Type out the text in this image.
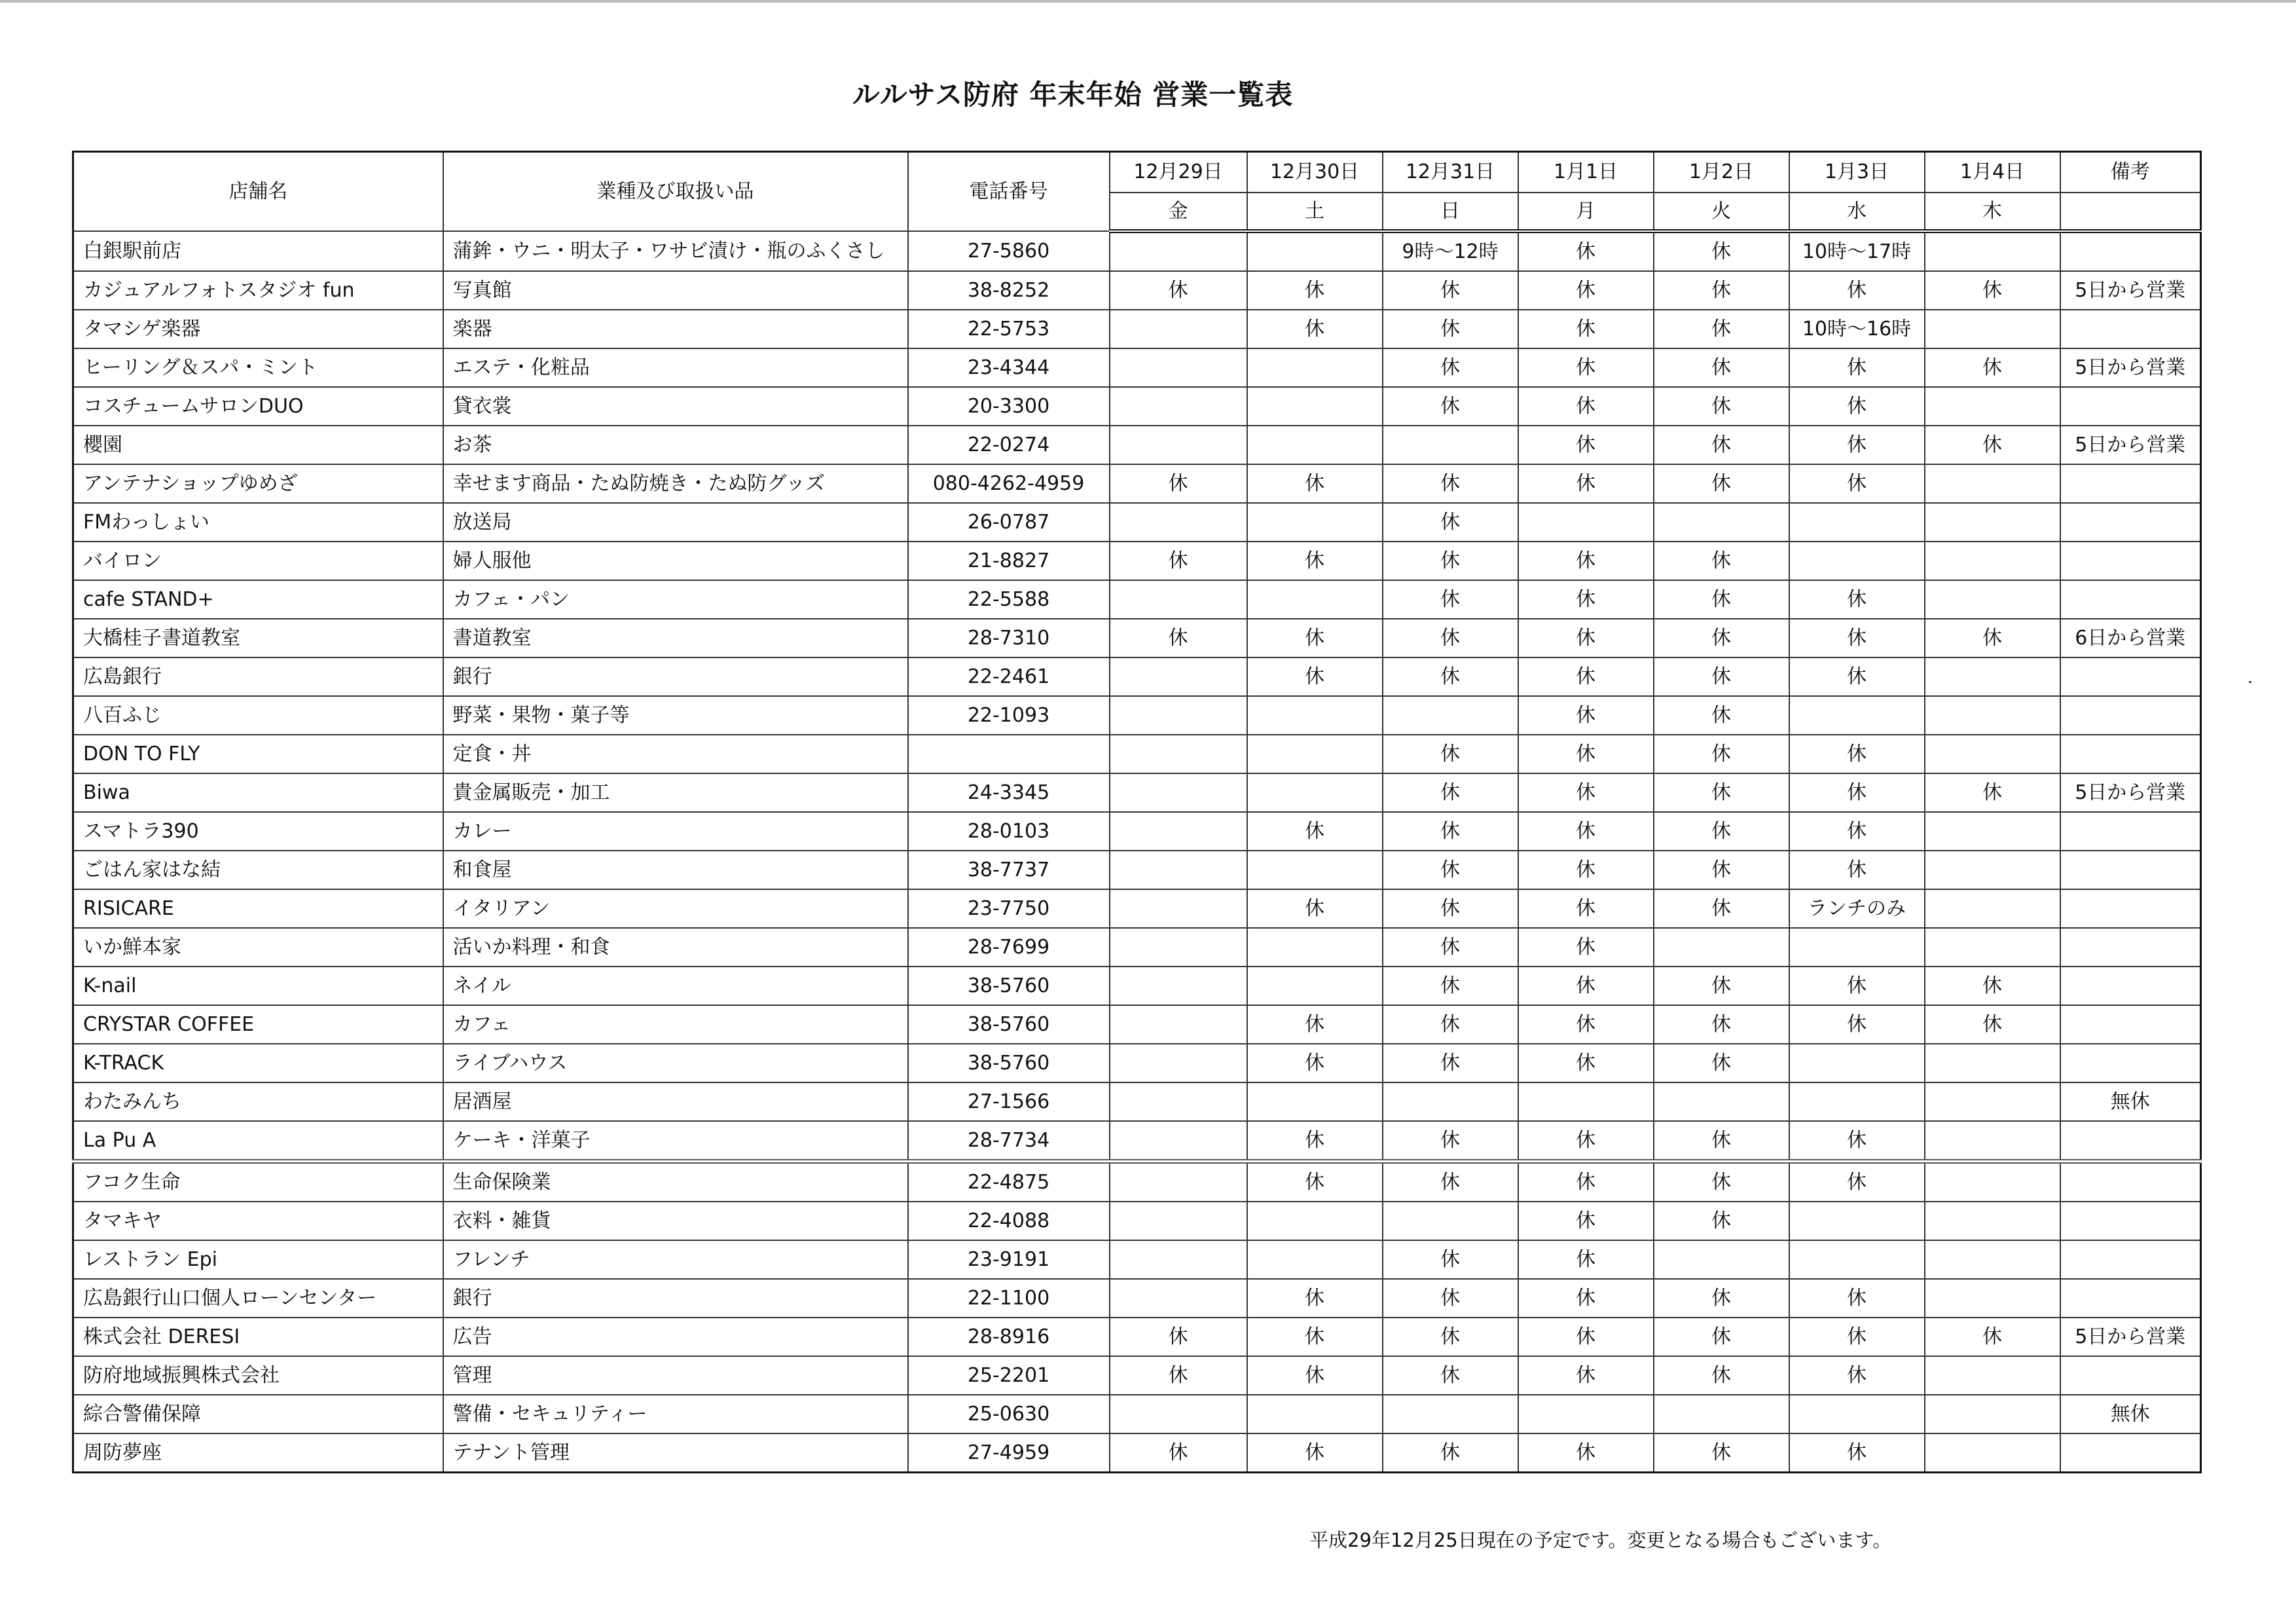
ルルサス防府 年末年始 営業一覧表
店舗名	業種及び取扱い品	電話番号	12月29日	12月30日	12月31日	1月1日	1月2日	1月3日	1月4日	備考
			金	土	日	月	火	水	木	
白銀駅前店	蒲鉾・ウニ・明太子・ワサビ漬け・瓶のふくさし	27-5860			9時～12時	休	休	10時～17時		
カジュアルフォトスタジオ fun	写真館	38-8252	休	休	休	休	休	休	休	5日から営業
タマシゲ楽器	楽器	22-5753		休	休	休	休	10時～16時		
ヒーリング＆スパ・ミント	エステ・化粧品	23-4344			休	休	休	休	休	5日から営業
コスチュームサロンDUO	貸衣裳	20-3300			休	休	休	休		
櫻園	お茶	22-0274				休	休	休	休	5日から営業
アンテナショップゆめざ	幸せます商品・たぬ防焼き・たぬ防グッズ	080-4262-4959	休	休	休	休	休	休		
FMわっしょい	放送局	26-0787			休					
バイロン	婦人服他	21-8827	休	休	休	休	休			
cafe STAND+	カフェ・パン	22-5588			休	休	休	休		
大橋桂子書道教室	書道教室	28-7310	休	休	休	休	休	休	休	6日から営業
広島銀行	銀行	22-2461		休	休	休	休	休		
八百ふじ	野菜・果物・菓子等	22-1093				休	休			
DON TO FLY	定食・丼				休	休	休	休		
Biwa	貴金属販売・加工	24-3345			休	休	休	休	休	5日から営業
スマトラ390	カレー	28-0103		休	休	休	休	休		
ごはん家はな結	和食屋	38-7737			休	休	休	休		
RISICARE	イタリアン	23-7750		休	休	休	休	ランチのみ		
いか鮮本家	活いか料理・和食	28-7699			休	休				
K-nail	ネイル	38-5760			休	休	休	休	休	
CRYSTAR COFFEE	カフェ	38-5760		休	休	休	休	休	休	
K-TRACK	ライブハウス	38-5760		休	休	休	休			
わたみんち	居酒屋	27-1566								無休
La Pu A	ケーキ・洋菓子	28-7734		休	休	休	休	休		
フコク生命	生命保険業	22-4875		休	休	休	休	休		
タマキヤ	衣料・雑貨	22-4088				休	休			
レストラン Epi	フレンチ	23-9191			休	休				
広島銀行山口個人ローンセンター	銀行	22-1100		休	休	休	休	休		
株式会社 DERESI	広告	28-8916	休	休	休	休	休	休	休	5日から営業
防府地域振興株式会社	管理	25-2201	休	休	休	休	休	休		
綜合警備保障	警備・セキュリティー	25-0630								無休
周防夢座	テナント管理	27-4959	休	休	休	休	休	休		
平成29年12月25日現在の予定です。変更となる場合もございます。
